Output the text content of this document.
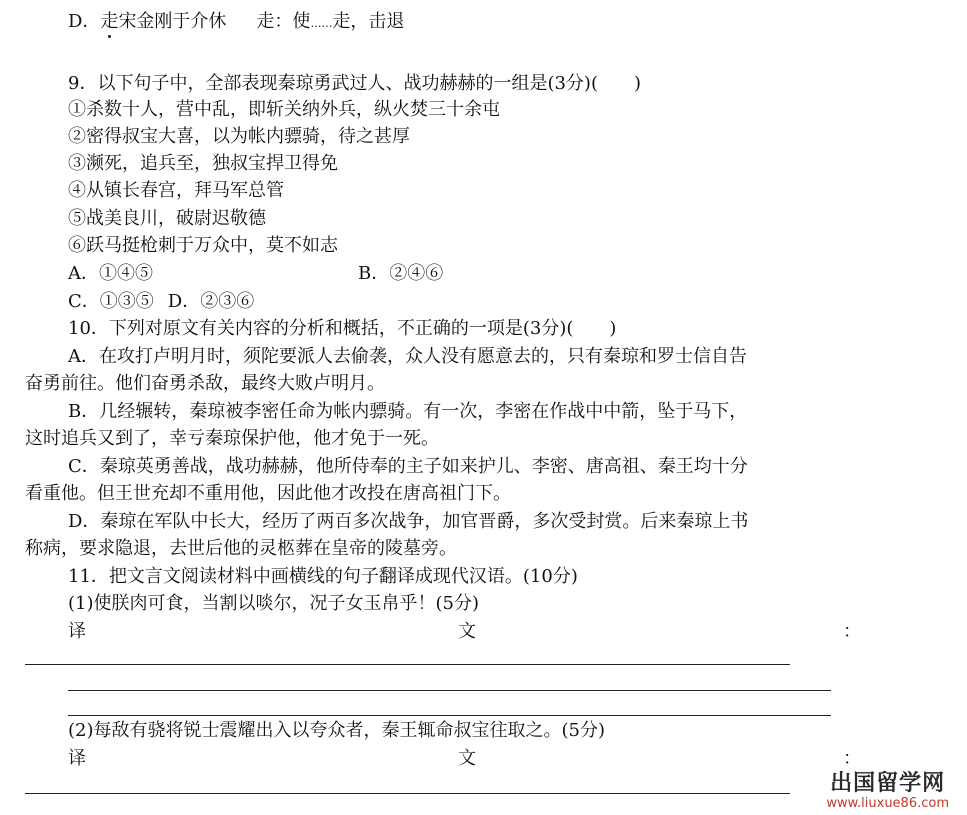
D．走宋金刚于介休 走：使……走，击退
9．以下句子中，全部表现秦琼勇武过人、战功赫赫的一组是(3分)(　　)
①杀数十人，营中乱，即斩关纳外兵，纵火焚三十余屯
②密得叔宝大喜，以为帐内骠骑，待之甚厚
③濒死，追兵至，独叔宝捍卫得免
④从镇长春宫，拜马军总管
⑤战美良川，破尉迟敬德
⑥跃马挺枪刺于万众中，莫不如志
A．①④⑤	B．②④⑥
C．①③⑤ D．②③⑥
10．下列对原文有关内容的分析和概括，不正确的一项是(3分)(　　)
A．在攻打卢明月时，须陀要派人去偷袭，众人没有愿意去的，只有秦琼和罗士信自告
奋勇前往。他们奋勇杀敌，最终大败卢明月。
B．几经辗转，秦琼被李密任命为帐内骠骑。有一次，李密在作战中中箭，坠于马下，
这时追兵又到了，幸亏秦琼保护他，他才免于一死。
C．秦琼英勇善战，战功赫赫，他所侍奉的主子如来护儿、李密、唐高祖、秦王均十分
看重他。但王世充却不重用他，因此他才改投在唐高祖门下。
D．秦琼在军队中长大，经历了两百多次战争，加官晋爵，多次受封赏。后来秦琼上书
称病，要求隐退，去世后他的灵柩葬在皇帝的陵墓旁。
11．把文言文阅读材料中画横线的句子翻译成现代汉语。(10分)
(1)使朕肉可食，当割以啖尔，况子女玉帛乎！(5分)
译	文	：
(2)每敌有骁将锐士震耀出入以夸众者，秦王辄命叔宝往取之。(5分)
译	文	：
出国留学网
www.liuxue86.com
